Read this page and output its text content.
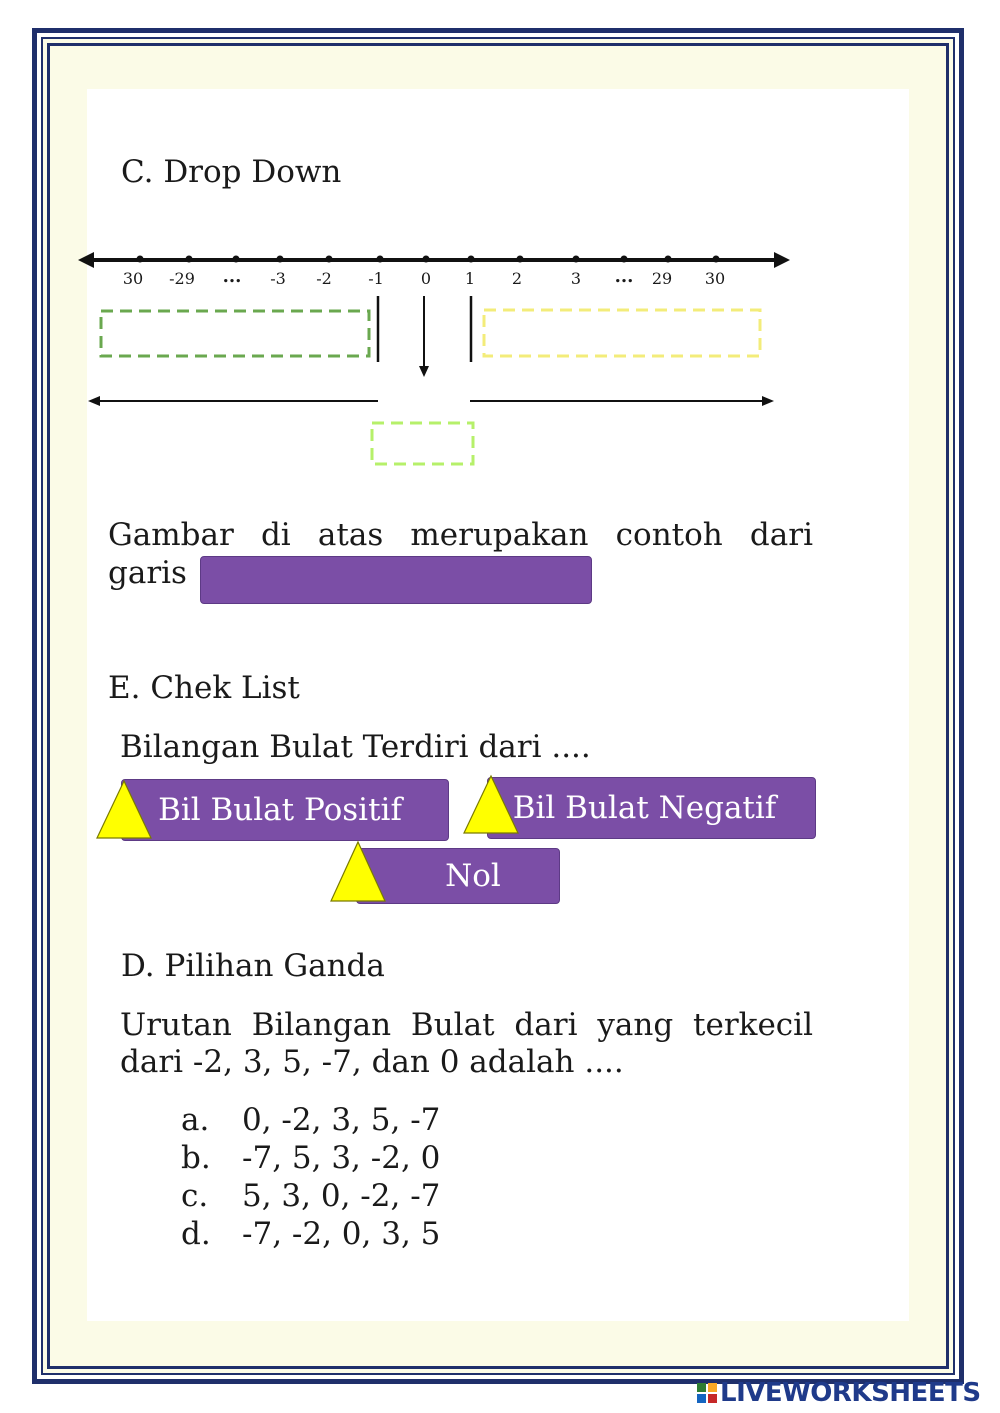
C. Drop Down
30 -29 ... -3 -2 -1 0 1 2	3 ... 29 30
Gambar di atas merupakan contoh dari
garis
E. Chek List
Bilangan Bulat Terdiri dari ....
Bil Bulat Positif	Bil Bulat Negatif
Nol
D. Pilihan Ganda
Urutan Bilangan Bulat dari yang terkecil
dari -2, 3, 5, -7, dan 0 adalah ....
a.	0, -2, 3, 5, -7
b.	-7, 5, 3, -2, 0
c.	5, 3, 0, -2, -7
d.	-7, -2, 0, 3, 5
LIVEWORKSHEETS
